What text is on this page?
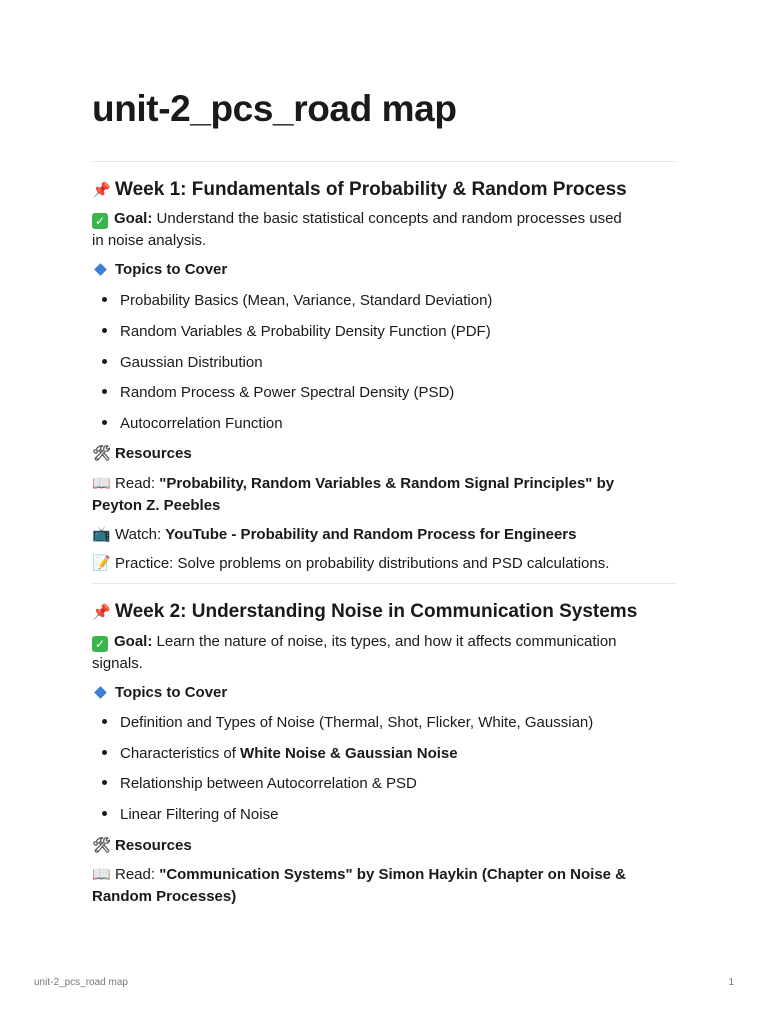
unit-2_pcs_road map
📌 Week 1: Fundamentals of Probability & Random Process
✓ Goal: Understand the basic statistical concepts and random processes used
in noise analysis.
Topics to Cover
Probability Basics (Mean, Variance, Standard Deviation)
Random Variables & Probability Density Function (PDF)
Gaussian Distribution
Random Process & Power Spectral Density (PSD)
Autocorrelation Function
🛠 Resources
📖 Read: "Probability, Random Variables & Random Signal Principles" by
Peyton Z. Peebles
📺 Watch: YouTube - Probability and Random Process for Engineers
📝 Practice: Solve problems on probability distributions and PSD calculations.
📌 Week 2: Understanding Noise in Communication Systems
✓ Goal: Learn the nature of noise, its types, and how it affects communication
signals.
Topics to Cover
Definition and Types of Noise (Thermal, Shot, Flicker, White, Gaussian)
Characteristics of White Noise & Gaussian Noise
Relationship between Autocorrelation & PSD
Linear Filtering of Noise
🛠 Resources
📖 Read: "Communication Systems" by Simon Haykin (Chapter on Noise &
Random Processes)
unit-2_pcs_road map	1
